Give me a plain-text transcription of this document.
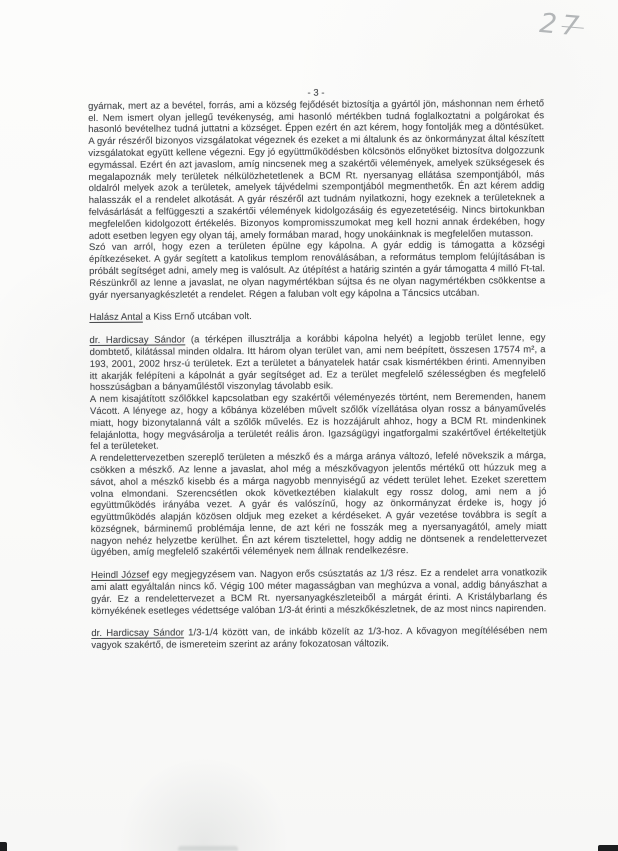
27
- 3 -

gyárnak, mert az a bevétel, forrás, ami a község fejődését biztosítja a gyártól jön, máshonnan nem érhető el. Nem ismert olyan jellegű tevékenység, ami hasonló mértékben tudná foglalkoztatni a polgárokat és hasonló bevételhez tudná juttatni a községet. Éppen ezért én azt kérem, hogy fontolják meg a döntésüket. A gyár részéről bizonyos vizsgálatokat végeznek és ezeket a mi általunk és az önkormányzat által készített vizsgálatokat együtt kellene végezni. Egy jó együttműködésben kölcsönös előnyöket biztosítva dolgozzunk egymással. Ezért én azt javaslom, amíg nincsenek meg a szakértői vélemények, amelyek szükségesek és megalapoznák mely területek nélkülözhetetlenek a BCM Rt. nyersanyag ellátása szempontjából, más oldalról melyek azok a területek, amelyek tájvédelmi szempontjából megmenthetők. Én azt kérem addig halasszák el a rendelet alkotását. A gyár részéről azt tudnám nyilatkozni, hogy ezeknek a területeknek a felvásárlását a felfüggeszti a szakértői vélemények kidolgozásáig és egyezetetéséig. Nincs birtokunkban megfelelően kidolgozott értékelés. Bizonyos kompromisszumokat meg kell hozni annak érdekében, hogy adott esetben legyen egy olyan táj, amely formában marad, hogy unokáinknak is megfelelően mutasson.

Szó van arról, hogy ezen a területen épülne egy kápolna. A gyár eddig is támogatta a községi építkezéseket. A gyár segített a katolikus templom renoválásában, a református templom felújításában is próbált segítséget adni, amely meg is valósult. Az útépítést a határig szintén a gyár támogatta 4 milló Ft-tal.

Részünkről az lenne a javaslat, ne olyan nagymértékban sújtsa és ne olyan nagymértékben csökkentse a gyár nyersanyagkészletét a rendelet. Régen a faluban volt egy kápolna a Táncsics utcában.

Halász Antal a Kiss Ernő utcában volt.

dr. Hardicsay Sándor (a térképen illusztrálja a korábbi kápolna helyét) a legjobb terület lenne, egy dombtető, kilátással minden oldalra. Itt három olyan terület van, ami nem beépített, összesen 17574 m², a 193, 2001, 2002 hrsz-ú területek. Ezt a területet a bányatelek határ csak kismértékben érinti. Amennyiben itt akarják felépíteni a kápolnát a gyár segítséget ad. Ez a terület megfelelő szélességben és megfelelő hosszúságban a bányaműléstől viszonylag távolabb esik.

A nem kisajátított szőlőkkel kapcsolatban egy szakértői véleményezés történt, nem Beremenden, hanem Vácott. A lényege az, hogy a kőbánya közelében művelt szőlők vízellátása olyan rossz a bányaművelés miatt, hogy bizonytalanná vált a szőlők művelés. Ez is hozzájárult ahhoz, hogy a BCM Rt. mindenkinek felajánlotta, hogy megvásárolja a területét reális áron. Igazságügyi ingatforgalmi szakértővel értékeltetjük fel a területeket.

A rendelettervezetben szereplő területen a mészkő és a márga aránya változó, lefelé növekszik a márga, csökken a mészkő. Az lenne a javaslat, ahol még a mészkővagyon jelentős mértékű ott húzzuk meg a sávot, ahol a mészkő kisebb és a márga nagyobb mennyiségű az védett terület lehet. Ezeket szerettem volna elmondani. Szerencsétlen okok következtében kialakult egy rossz dolog, ami nem a jó együttműködés irányába vezet. A gyár és valószínű, hogy az önkormányzat érdeke is, hogy jó együttműködés alapján közösen oldjuk meg ezeket a kérdéseket. A gyár vezetése továbbra is segít a községnek, bárminemű problémája lenne, de azt kéri ne fosszák meg a nyersanyagától, amely miatt nagyon nehéz helyzetbe kerülhet. Én azt kérem tisztelettel, hogy addig ne döntsenek a rendelettervezet ügyében, amíg megfelelő szakértői vélemények nem állnak rendelkezésre.

Heindl József egy megjegyzésem van. Nagyon erős csúsztatás az 1/3 rész. Ez a rendelet arra vonatkozik ami alatt egyáltalán nincs kő. Végig 100 méter magasságban van meghúzva a vonal, addig bányászhat a gyár. Ez a rendelettervezet a BCM Rt. nyersanyagkészleteiből a márgát érinti. A Kristálybarlang és környékének esetleges védettsége valóban 1/3-át érinti a mészkőkészletnek, de az most nincs napirenden.

dr. Hardicsay Sándor 1/3-1/4 között van, de inkább közelít az 1/3-hoz. A kővagyon megítélésében nem vagyok szakértő, de ismereteim szerint az arány fokozatosan változik.
